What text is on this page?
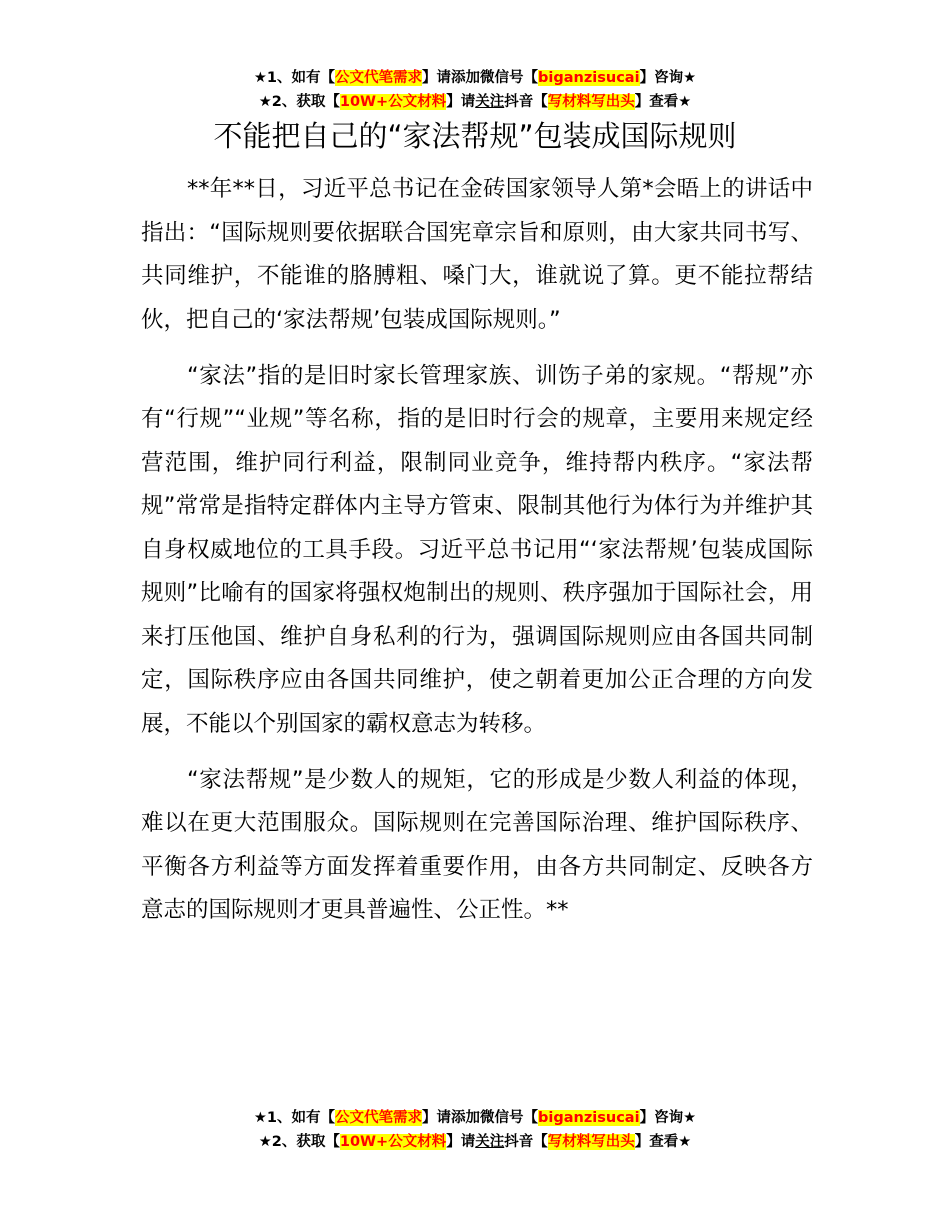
★1、如有【公文代笔需求】请添加微信号【biganzisucai】咨询★
★2、获取【10W+公文材料】请关注抖音【写材料写出头】查看★
不能把自己的“家法帮规”包装成国际规则

**年**日，习近平总书记在金砖国家领导人第*会晤上的讲话中指出：“国际规则要依据联合国宪章宗旨和原则，由大家共同书写、共同维护，不能谁的胳膊粗、嗓门大，谁就说了算。更不能拉帮结伙，把自己的‘家法帮规’包装成国际规则。”

“家法”指的是旧时家长管理家族、训饬子弟的家规。“帮规”亦有“行规”“业规”等名称，指的是旧时行会的规章，主要用来规定经营范围，维护同行利益，限制同业竞争，维持帮内秩序。“家法帮规”常常是指特定群体内主导方管束、限制其他行为体行为并维护其自身权威地位的工具手段。习近平总书记用“‘家法帮规’包装成国际规则”比喻有的国家将强权炮制出的规则、秩序强加于国际社会，用来打压他国、维护自身私利的行为，强调国际规则应由各国共同制定，国际秩序应由各国共同维护，使之朝着更加公正合理的方向发展，不能以个别国家的霸权意志为转移。

“家法帮规”是少数人的规矩，它的形成是少数人利益的体现，难以在更大范围服众。国际规则在完善国际治理、维护国际秩序、平衡各方利益等方面发挥着重要作用，由各方共同制定、反映各方意志的国际规则才更具普遍性、公正性。**

★1、如有【公文代笔需求】请添加微信号【biganzisucai】咨询★
★2、获取【10W+公文材料】请关注抖音【写材料写出头】查看★
